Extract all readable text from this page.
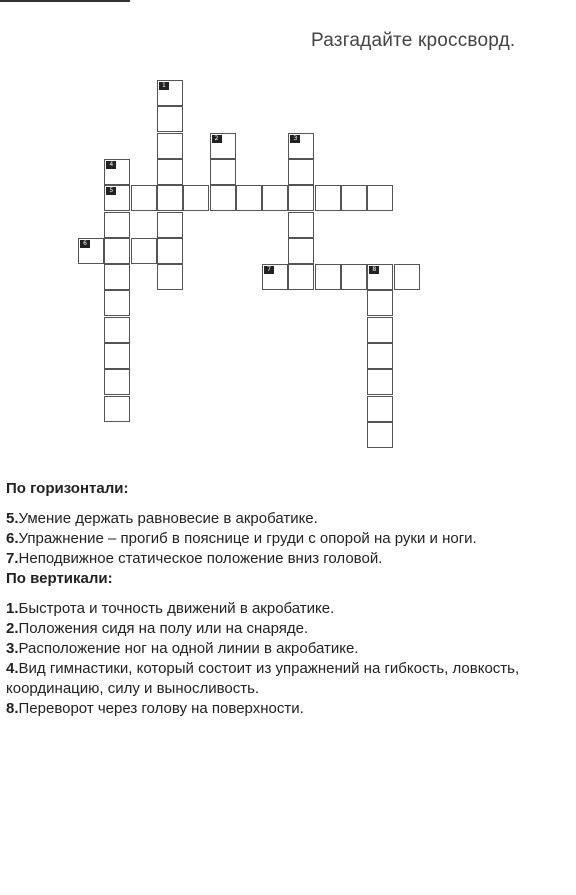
Разгадайте кроссворд.
1
2	3
4
5
6
7	8

По горизонтали:

5.Умение держать равновесие в акробатике.

6.Упражнение – прогиб в пояснице и груди с опорой на руки и ноги.

7.Неподвижное статическое положение вниз головой.

По вертикали:

1.Быстрота и точность движений в акробатике.

2.Положения сидя на полу или на снаряде.

3.Расположение ног на одной линии в акробатике.

4.Вид гимнастики, который состоит из упражнений на гибкость, ловкость, координацию, силу и выносливость.

8.Переворот через голову на поверхности.
